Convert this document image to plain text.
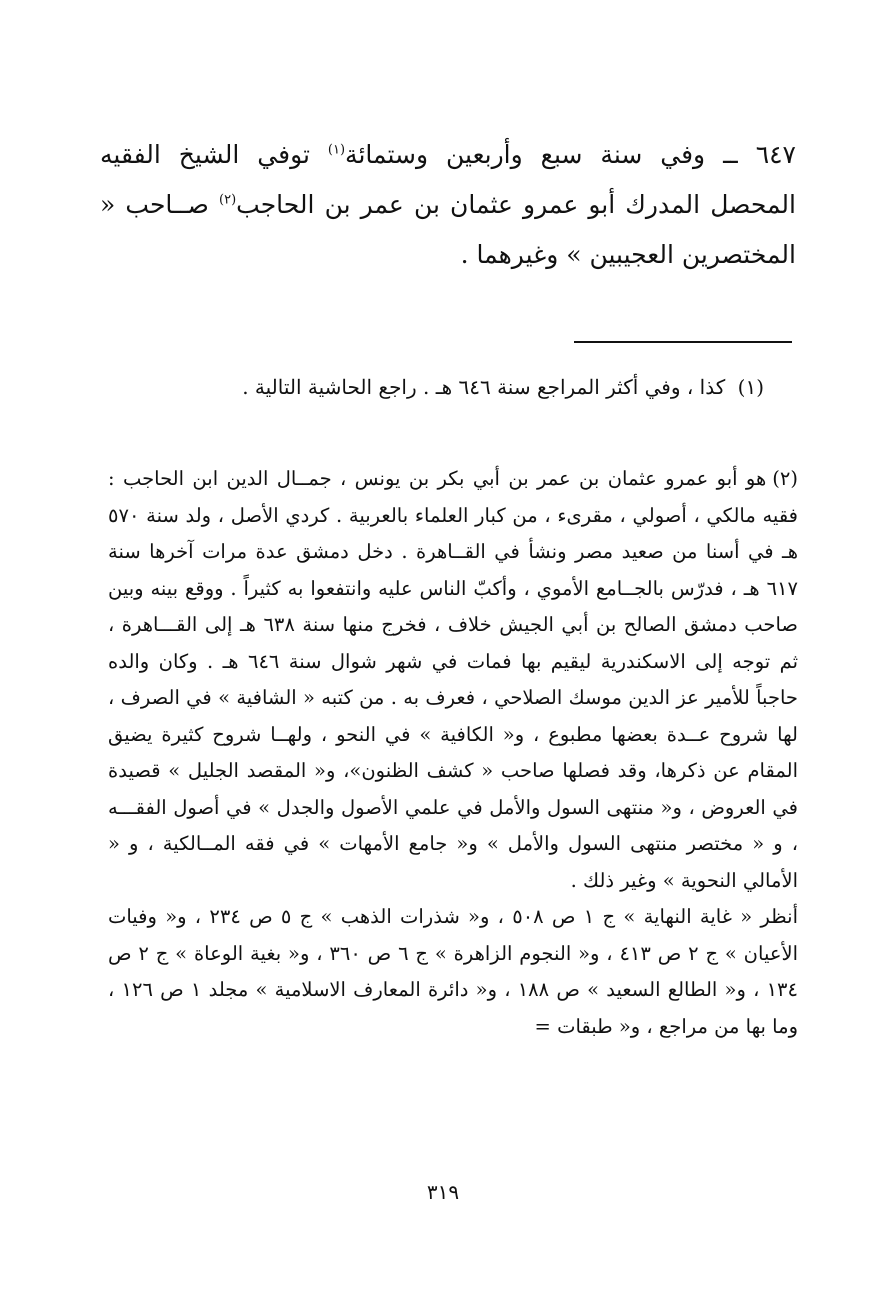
٦٤٧ ــ وفي سنة سبع وأربعين وستمائة$^{(١)}$ توفي الشيخ الفقيه المحصل المدرك أبو عمرو عثمان بن عمر بن الحاجب$^{(٢)}$ صــاحب « المختصرين العجيبين » وغيرهما .

(١) كذا ، وفي أكثر المراجع سنة ٦٤٦ هـ . راجع الحاشية التالية .

(٢)هو أبو عمرو عثمان بن عمر بن أبي بكر بن يونس ، جمــال الدين ابن الحاجب : فقيه مالكي ، أصولي ، مقرىء ، من كبار العلماء بالعربية . كردي الأصل ، ولد سنة ٥٧٠ هـ في أسنا من صعيد مصر ونشأ في القــاهرة . دخل دمشق عدة مرات آخرها سنة ٦١٧ هـ ، فدرّس بالجــامع الأموي ، وأكبّ الناس عليه وانتفعوا به كثيراً . ووقع بينه وبين صاحب دمشق الصالح بن أبي الجيش خلاف ، فخرج منها سنة ٦٣٨ هـ إلى القـــاهرة ، ثم توجه إلى الاسكندرية ليقيم بها فمات في شهر شوال سنة ٦٤٦ هـ . وكان والده حاجباً للأمير عز الدين موسك الصلاحي ، فعرف به . من كتبه « الشافية » في الصرف ، لها شروح عــدة بعضها مطبوع ، و« الكافية » في النحو ، ولهــا شروح كثيرة يضيق المقام عن ذكرها، وقد فصلها صاحب « كشف الظنون»، و« المقصد الجليل » قصيدة في العروض ، و« منتهى السول والأمل في علمي الأصول والجدل » في أصول الفقـــه ، و « مختصر منتهى السول والأمل » و« جامع الأمهات » في فقه المــالكية ، و « الأمالي النحوية » وغير ذلك .

أنظر « غاية النهاية » ج ١ ص ٥٠٨ ، و« شذرات الذهب » ج ٥ ص ٢٣٤ ، و« وفيات الأعيان » ج ٢ ص ٤١٣ ، و« النجوم الزاهرة » ج ٦ ص ٣٦٠ ، و« بغية الوعاة » ج ٢ ص ١٣٤ ، و« الطالع السعيد » ص ١٨٨ ، و« دائرة المعارف الاسلامية » مجلد ١ ص ١٢٦ ، وما بها من مراجع ، و« طبقات =

٣١٩
